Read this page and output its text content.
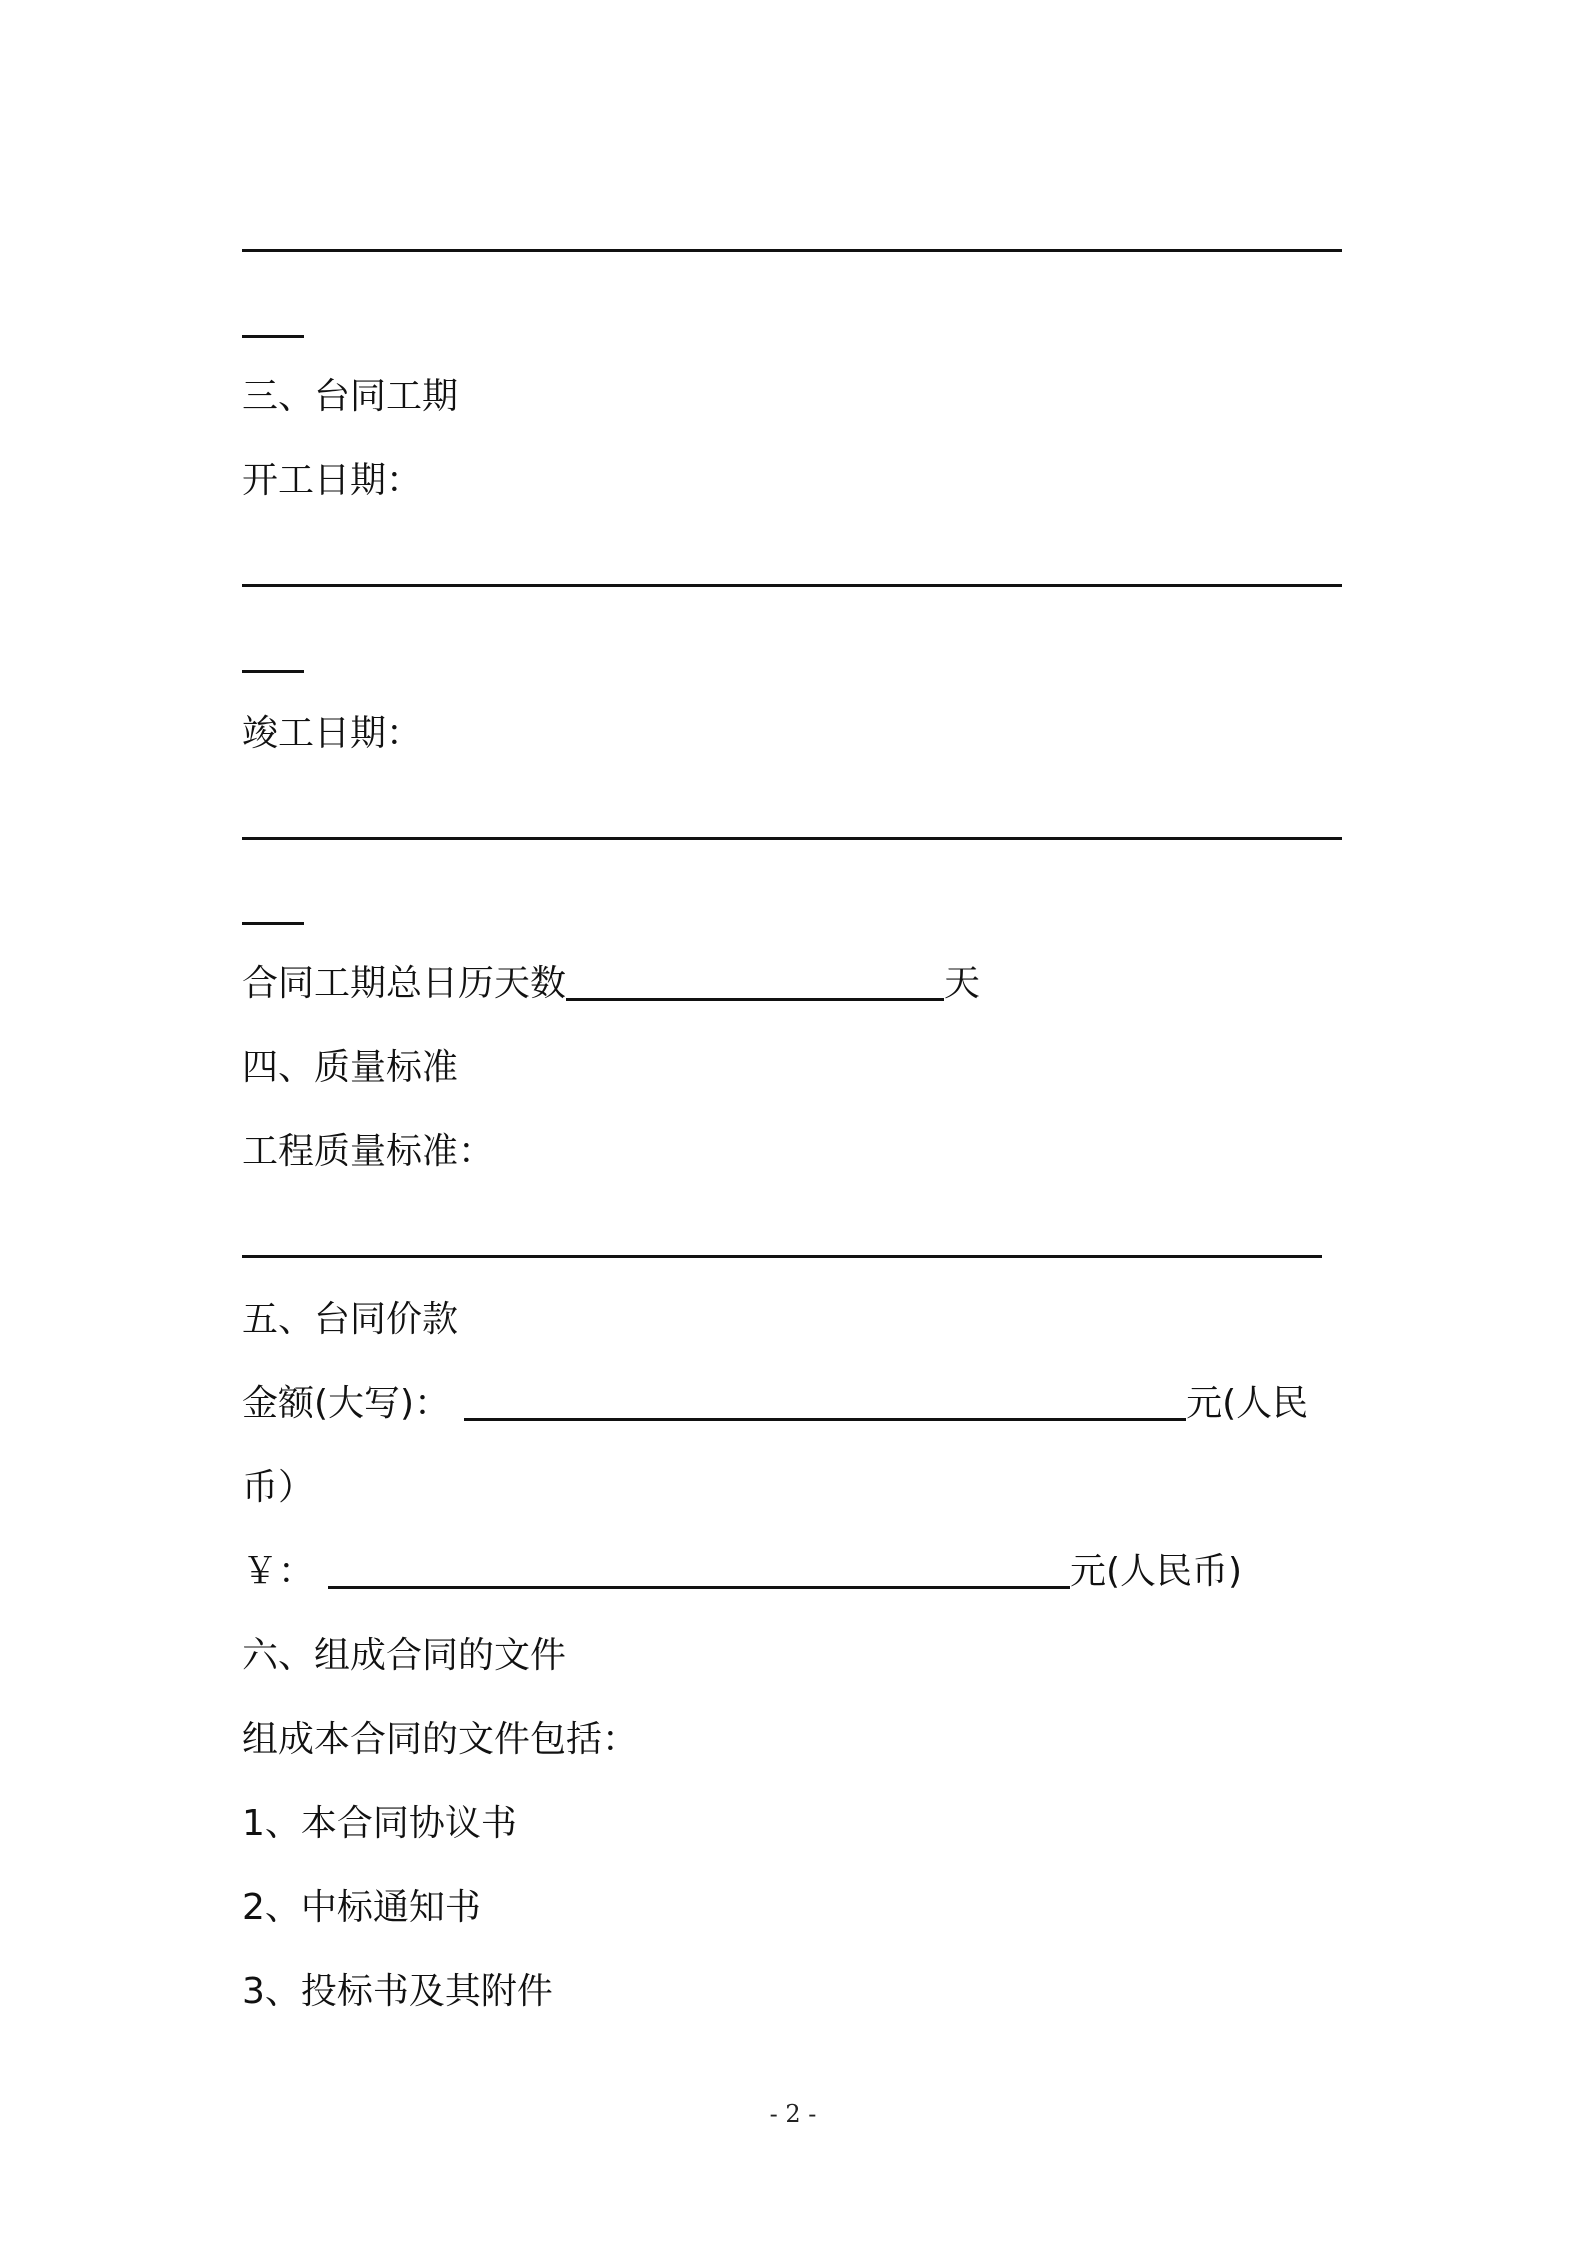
三、台同工期
开工日期：
竣工日期：
合同工期总日历天数	天
四、质量标准
工程质量标准：
五、台同价款
金额(大写)：	元(人民
币）
￥：	元(人民币)
六、组成合同的文件
组成本合同的文件包括：
1、本合同协议书
2、中标通知书
3、投标书及其附件
- 2 -
